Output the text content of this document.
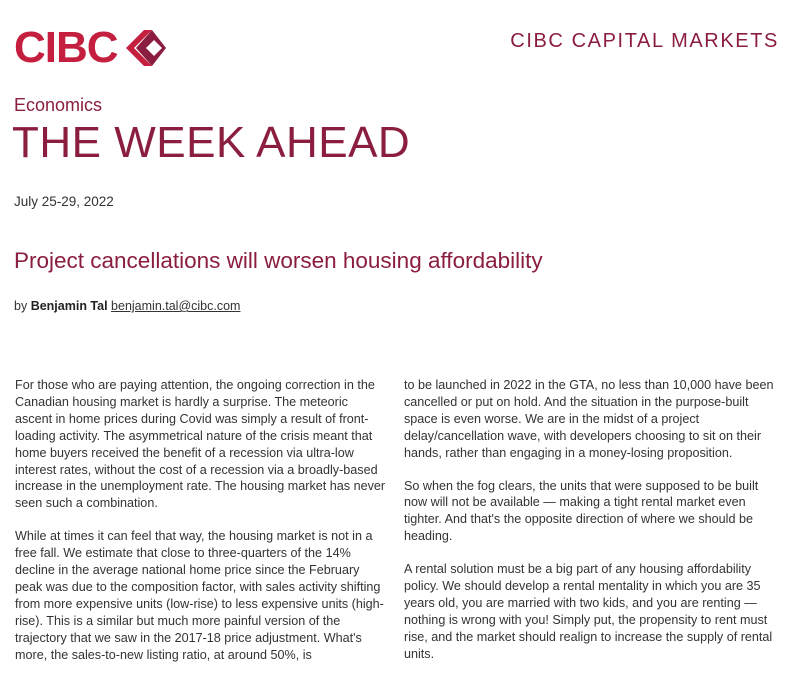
CIBC	CIBC CAPITAL MARKETS
Economics
THE WEEK AHEAD
July 25-29, 2022
Project cancellations will worsen housing affordability
by Benjamin Tal benjamin.tal@cibc.com

For those who are paying attention, the ongoing correction in the Canadian housing market is hardly a surprise. The meteoric ascent in home prices during Covid was simply a result of front-loading activity. The asymmetrical nature of the crisis meant that home buyers received the benefit of a recession via ultra-low interest rates, without the cost of a recession via a broadly-based increase in the unemployment rate. The housing market has never seen such a combination.

While at times it can feel that way, the housing market is not in a free fall. We estimate that close to three-quarters of the 14% decline in the average national home price since the February peak was due to the composition factor, with sales activity shifting from more expensive units (low-rise) to less expensive units (high-rise). This is a similar but much more painful version of the trajectory that we saw in the 2017-18 price adjustment. What's more, the sales-to-new listing ratio, at around 50%, is

to be launched in 2022 in the GTA, no less than 10,000 have been cancelled or put on hold. And the situation in the purpose-built space is even worse. We are in the midst of a project delay/cancellation wave, with developers choosing to sit on their hands, rather than engaging in a money-losing proposition.

So when the fog clears, the units that were supposed to be built now will not be available — making a tight rental market even tighter. And that's the opposite direction of where we should be heading.

A rental solution must be a big part of any housing affordability policy. We should develop a rental mentality in which you are 35 years old, you are married with two kids, and you are renting — nothing is wrong with you! Simply put, the propensity to rent must rise, and the market should realign to increase the supply of rental units.
